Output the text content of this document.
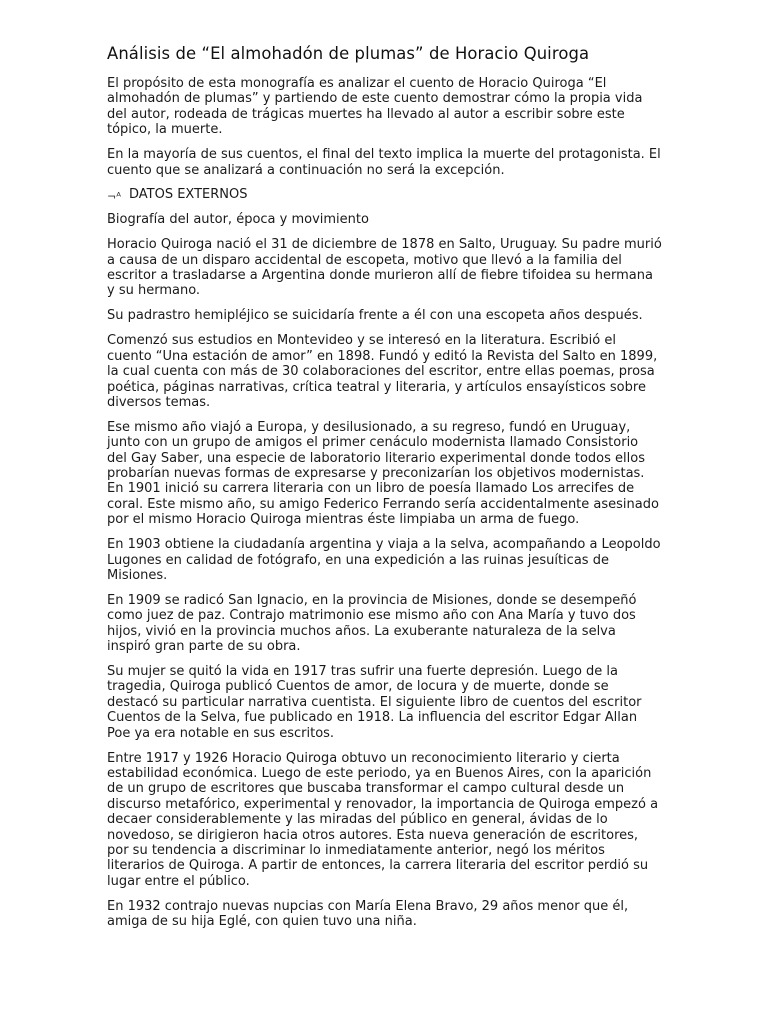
Análisis de “El almohadón de plumas” de Horacio Quiroga

El propósito de esta monografía es analizar el cuento de Horacio Quiroga “El almohadón de plumas” y partiendo de este cuento demostrar cómo la propia vida del autor, rodeada de trágicas muertes ha llevado al autor a escribir sobre este tópico, la muerte.

En la mayoría de sus cuentos, el final del texto implica la muerte del protagonista. El cuento que se analizará a continuación no será la excepción.

¬ᴬ DATOS EXTERNOS

Biografía del autor, época y movimiento

Horacio Quiroga nació el 31 de diciembre de 1878 en Salto, Uruguay. Su padre murió a causa de un disparo accidental de escopeta, motivo que llevó a la familia del escritor a trasladarse a Argentina donde murieron allí de fiebre tifoidea su hermana y su hermano.

Su padrastro hemipléjico se suicidaría frente a él con una escopeta años después.

Comenzó sus estudios en Montevideo y se interesó en la literatura. Escribió el cuento “Una estación de amor” en 1898. Fundó y editó la Revista del Salto en 1899, la cual cuenta con más de 30 colaboraciones del escritor, entre ellas poemas, prosa poética, páginas narrativas, crítica teatral y literaria, y artículos ensayísticos sobre diversos temas.

Ese mismo año viajó a Europa, y desilusionado, a su regreso, fundó en Uruguay, junto con un grupo de amigos el primer cenáculo modernista llamado Consistorio del Gay Saber, una especie de laboratorio literario experimental donde todos ellos probarían nuevas formas de expresarse y preconizarían los objetivos modernistas. En 1901 inició su carrera literaria con un libro de poesía llamado Los arrecifes de coral. Este mismo año, su amigo Federico Ferrando sería accidentalmente asesinado por el mismo Horacio Quiroga mientras éste limpiaba un arma de fuego.

En 1903 obtiene la ciudadanía argentina y viaja a la selva, acompañando a Leopoldo Lugones en calidad de fotógrafo, en una expedición a las ruinas jesuíticas de Misiones.

En 1909 se radicó San Ignacio, en la provincia de Misiones, donde se desempeñó como juez de paz. Contrajo matrimonio ese mismo año con Ana María y tuvo dos hijos, vivió en la provincia muchos años. La exuberante naturaleza de la selva inspiró gran parte de su obra.

Su mujer se quitó la vida en 1917 tras sufrir una fuerte depresión. Luego de la tragedia, Quiroga publicó Cuentos de amor, de locura y de muerte, donde se destacó su particular narrativa cuentista. El siguiente libro de cuentos del escritor Cuentos de la Selva, fue publicado en 1918. La influencia del escritor Edgar Allan Poe ya era notable en sus escritos.

Entre 1917 y 1926 Horacio Quiroga obtuvo un reconocimiento literario y cierta estabilidad económica. Luego de este periodo, ya en Buenos Aires, con la aparición de un grupo de escritores que buscaba transformar el campo cultural desde un discurso metafórico, experimental y renovador, la importancia de Quiroga empezó a decaer considerablemente y las miradas del público en general, ávidas de lo novedoso, se dirigieron hacia otros autores. Esta nueva generación de escritores, por su tendencia a discriminar lo inmediatamente anterior, negó los méritos literarios de Quiroga. A partir de entonces, la carrera literaria del escritor perdió su lugar entre el público.

En 1932 contrajo nuevas nupcias con María Elena Bravo, 29 años menor que él, amiga de su hija Eglé, con quien tuvo una niña.
